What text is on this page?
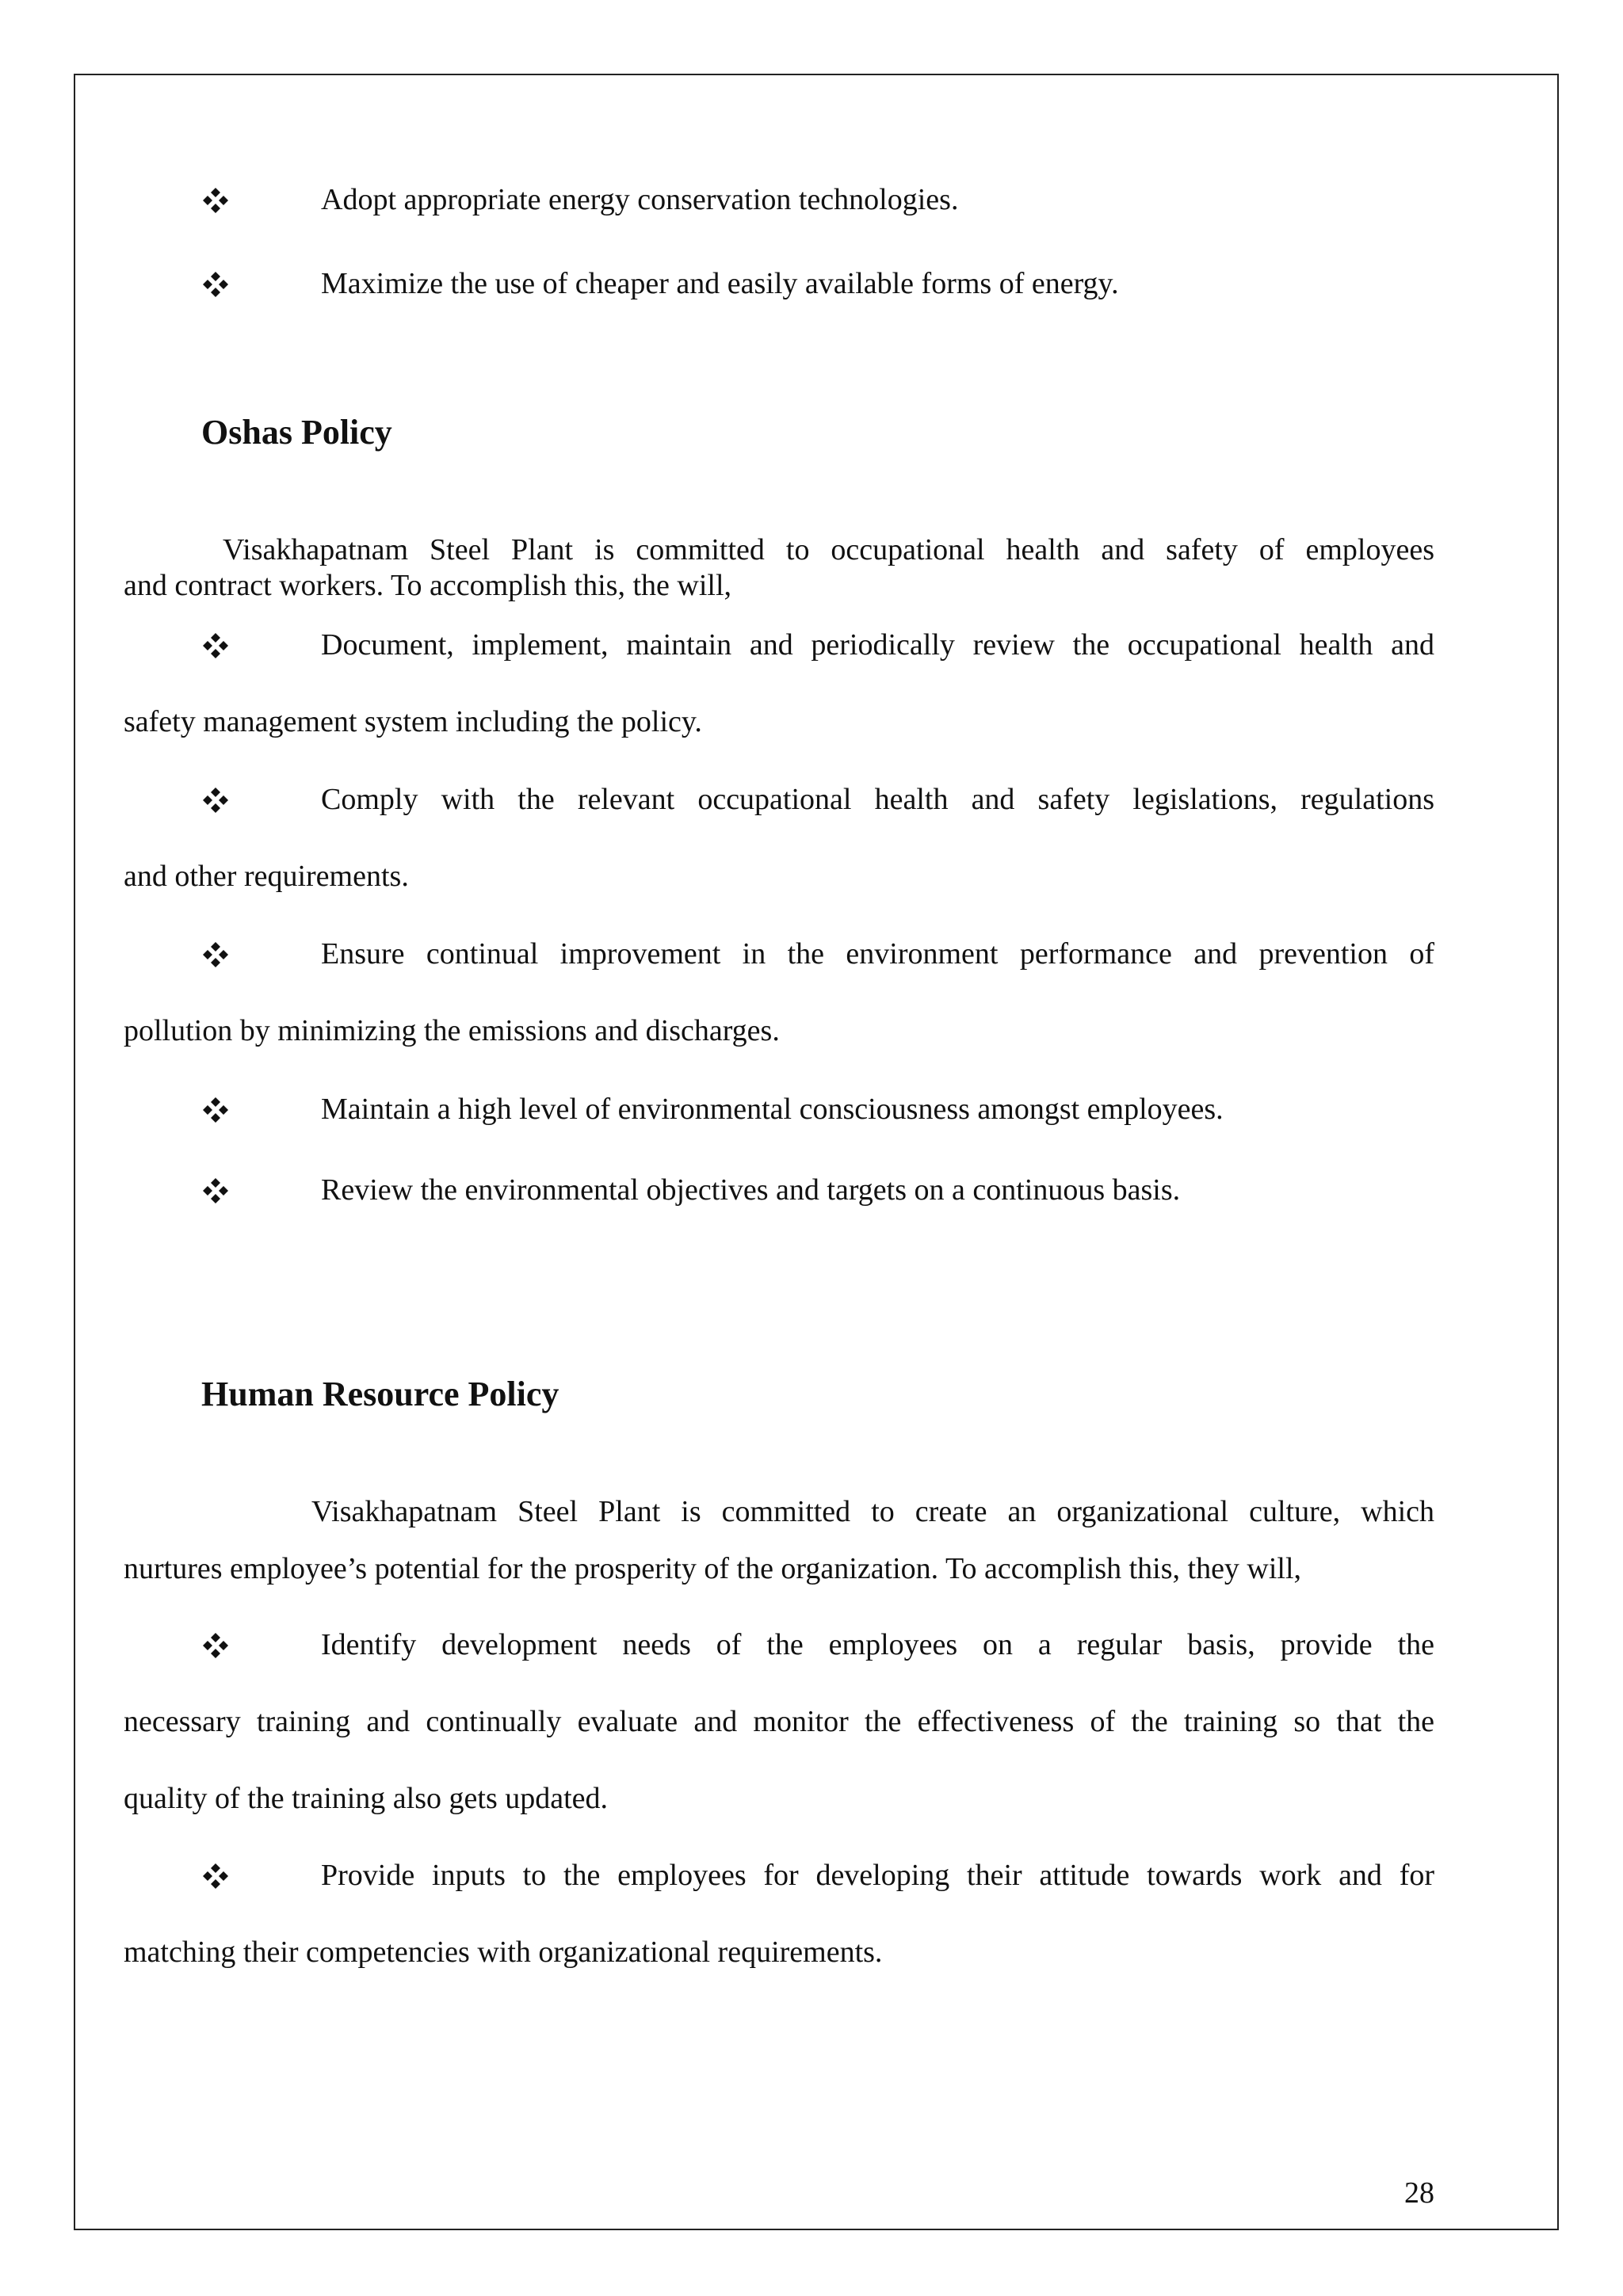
Adopt appropriate energy conservation technologies.
Maximize the use of cheaper and easily available forms of energy.
Oshas Policy
Visakhapatnam Steel Plant is committed to occupational health and safety of employees
and contract workers. To accomplish this, the will,
Document, implement, maintain and periodically review the occupational health and
safety management system including the policy.
Comply with the relevant occupational health and safety legislations, regulations
and other requirements.
Ensure continual improvement in the environment performance and prevention of
pollution by minimizing the emissions and discharges.
Maintain a high level of environmental consciousness amongst employees.
Review the environmental objectives and targets on a continuous basis.
Human Resource Policy
Visakhapatnam Steel Plant is committed to create an organizational culture, which
nurtures employee’s potential for the prosperity of the organization. To accomplish this, they will,
Identify development needs of the employees on a regular basis, provide the
necessary training and continually evaluate and monitor the effectiveness of the training so that the
quality of the training also gets updated.
Provide inputs to the employees for developing their attitude towards work and for
matching their competencies with organizational requirements.
28
